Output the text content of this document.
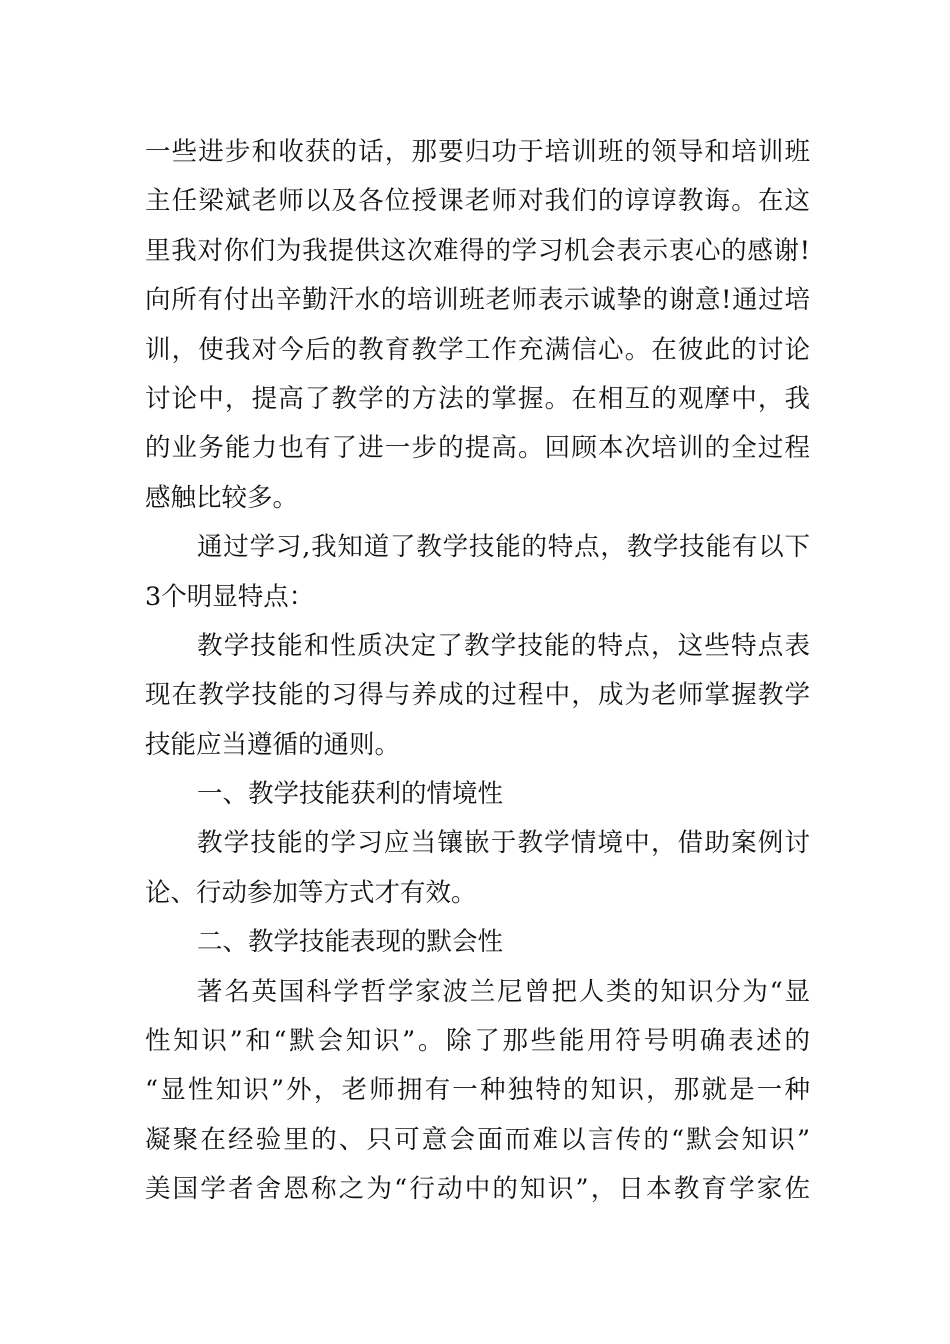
一些进步和收获的话，那要归功于培训班的领导和培训班
主任梁斌老师以及各位授课老师对我们的谆谆教诲。在这
里我对你们为我提供这次难得的学习机会表示衷心的感谢!
向所有付出辛勤汗水的培训班老师表示诚挚的谢意!通过培
训，使我对今后的教育教学工作充满信心。在彼此的讨论
讨论中，提高了教学的方法的掌握。在相互的观摩中，我
的业务能力也有了进一步的提高。回顾本次培训的全过程
感触比较多。
通过学习,我知道了教学技能的特点，教学技能有以下
3个明显特点：
教学技能和性质决定了教学技能的特点，这些特点表
现在教学技能的习得与养成的过程中，成为老师掌握教学
技能应当遵循的通则。
一、教学技能获利的情境性
教学技能的学习应当镶嵌于教学情境中，借助案例讨
论、行动参加等方式才有效。
二、教学技能表现的默会性
著名英国科学哲学家波兰尼曾把人类的知识分为“显
性知识”和“默会知识”。除了那些能用符号明确表述的
“显性知识”外，老师拥有一种独特的知识，那就是一种
凝聚在经验里的、只可意会面而难以言传的“默会知识”
美国学者舍恩称之为“行动中的知识”，日本教育学家佐
